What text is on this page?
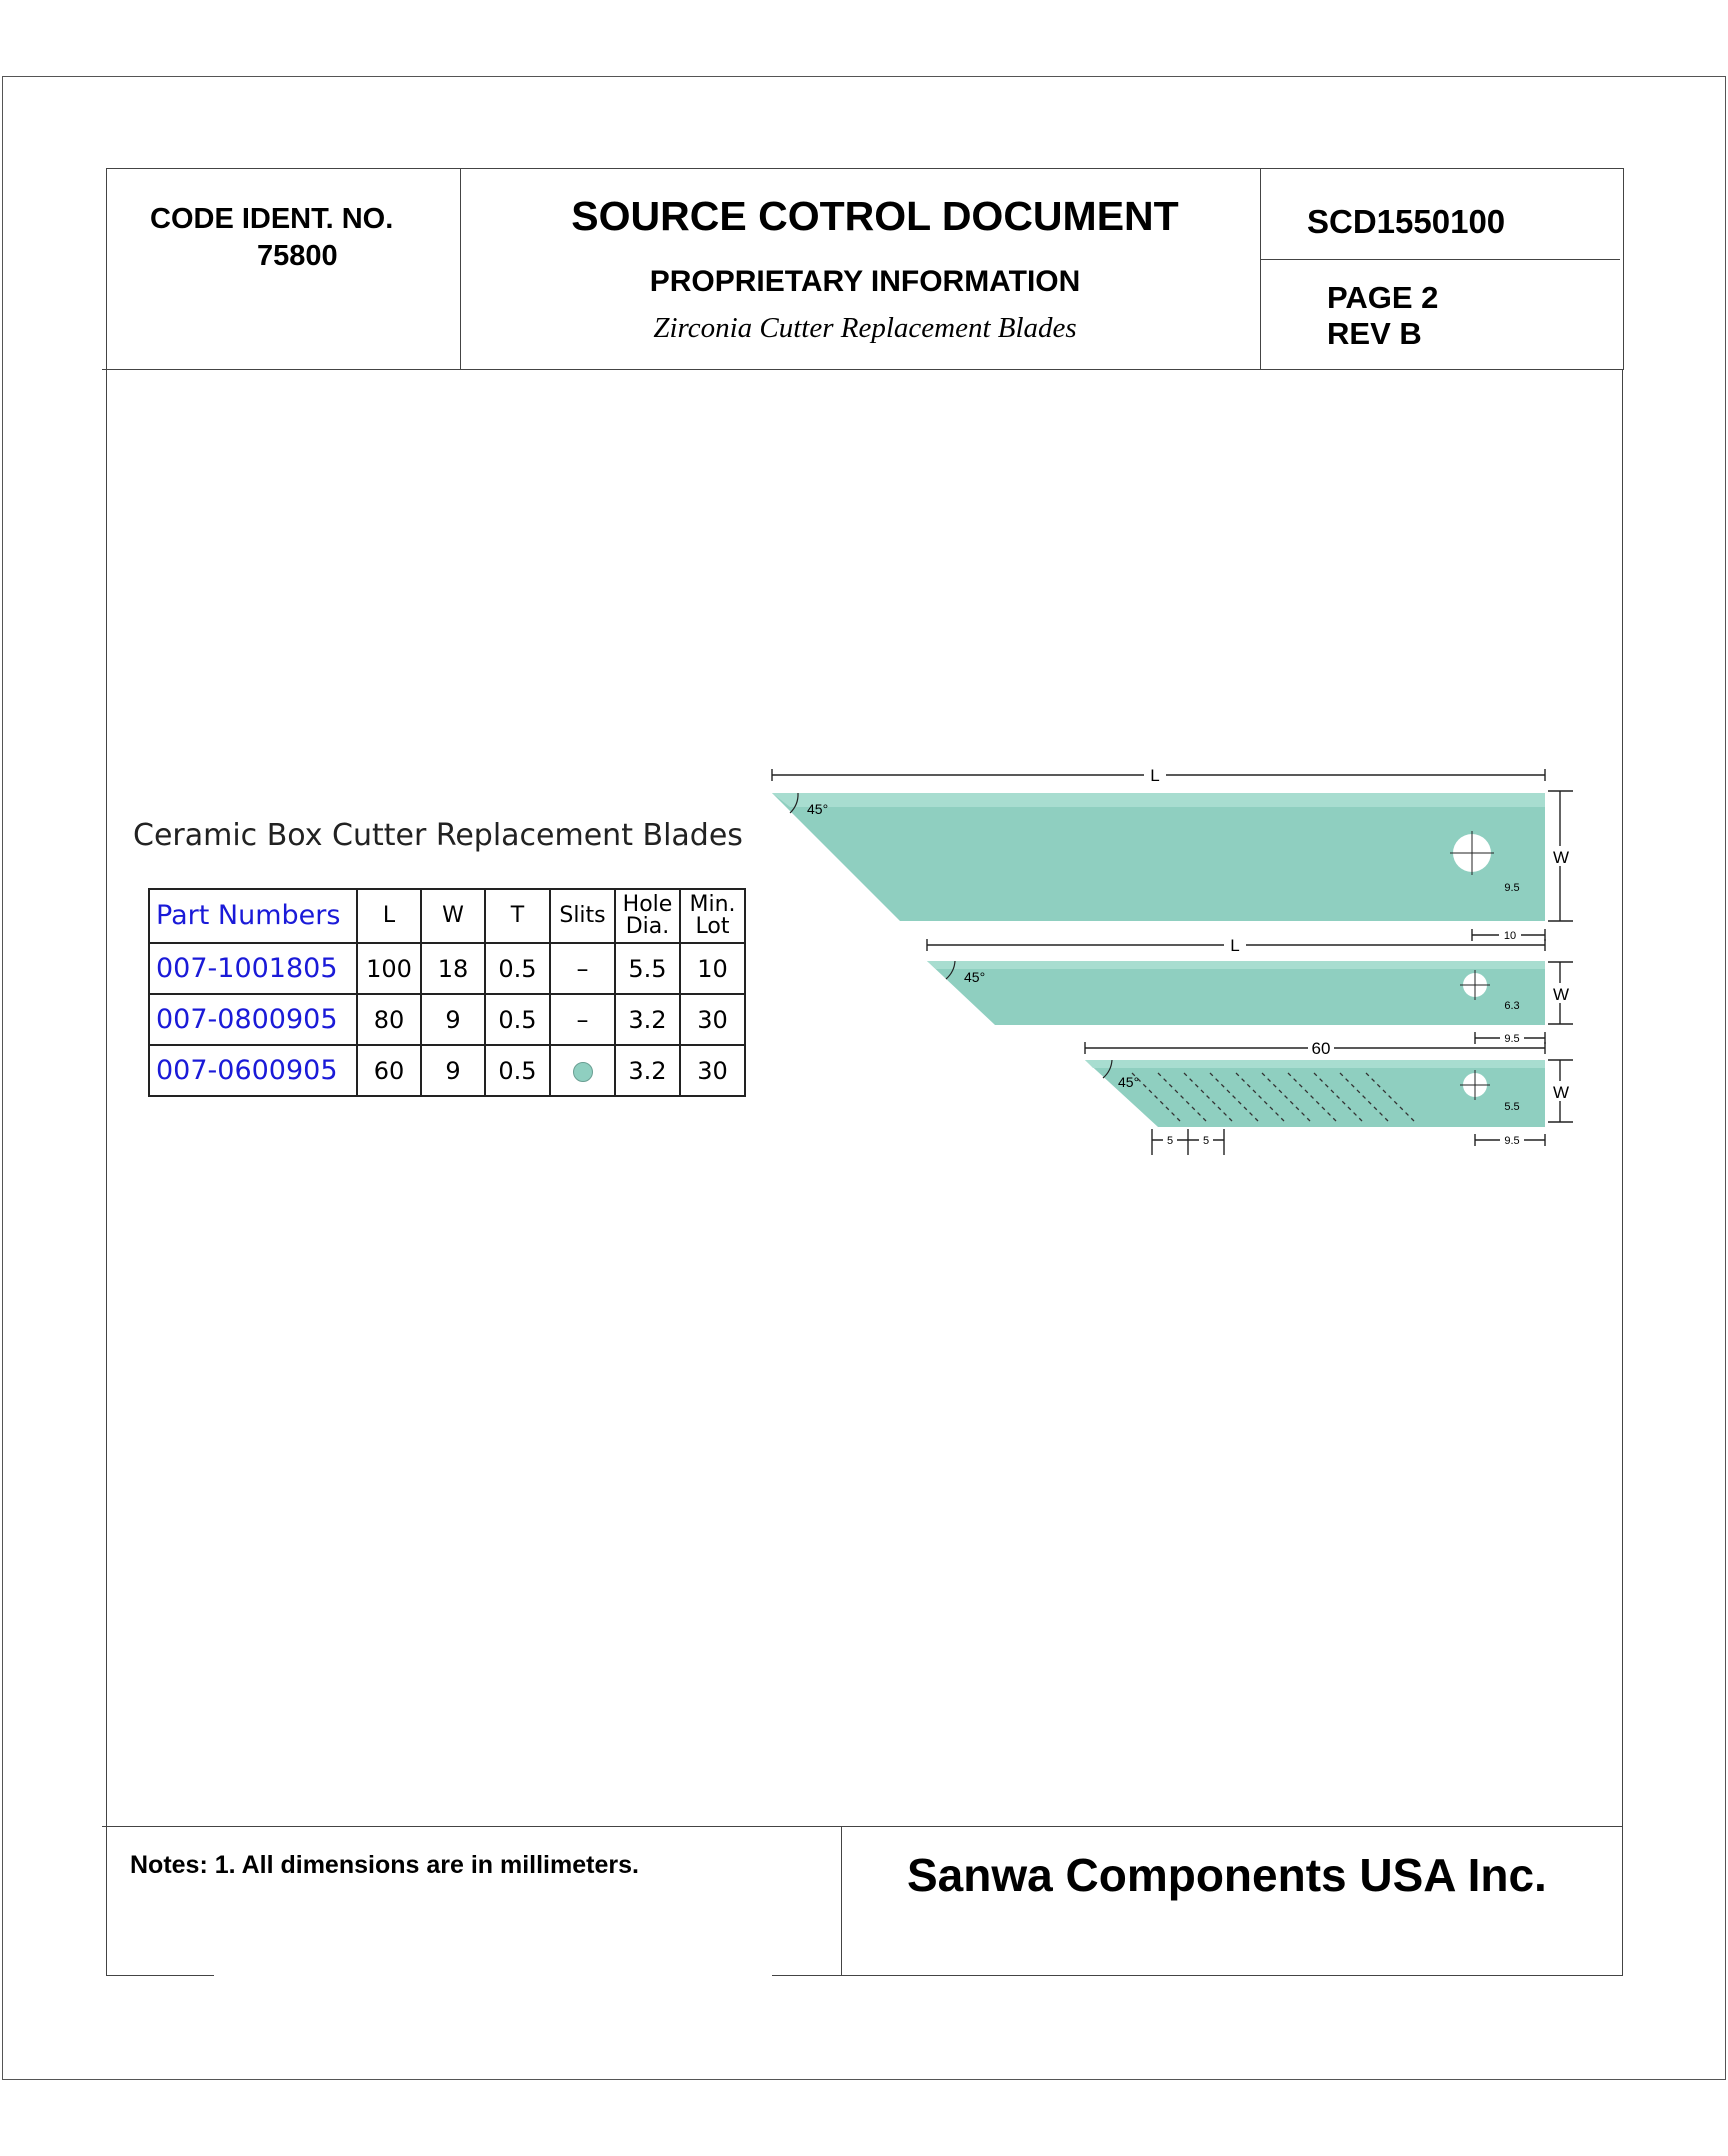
CODE IDENT. NO.
75800
SOURCE COTROL DOCUMENT
PROPRIETARY INFORMATION
Zirconia Cutter Replacement Blades
SCD1550100
PAGE 2
REV B
Ceramic Box Cutter Replacement Blades
Part Numbers	L	W	T	Slits	Hole Dia.	Min. Lot
007-1001805	100	18	0.5	–	5.5	10
007-0800905	80	9	0.5	–	3.2	30
007-0600905	60	9	0.5		3.2	30
L
45°
W
9.5
10
L
45°
W
6.3
9.5
60
45°
W
5.5
9.5
5	5
Notes: 1. All dimensions are in millimeters.	Sanwa Components USA Inc.
